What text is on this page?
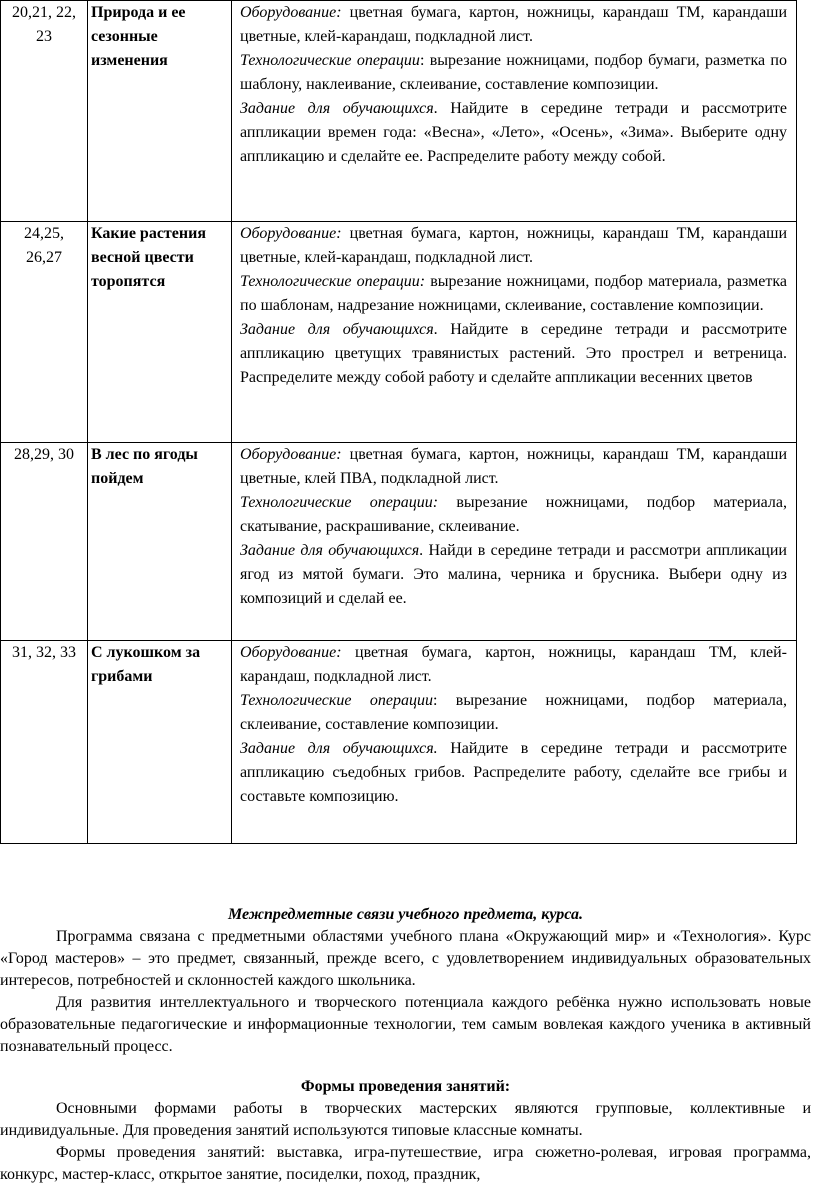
20,21, 22, 23	Природа и ее сезонные изменения	Оборудование: цветная бумага, картон, ножницы, карандаш ТМ, карандаши цветные, клей-карандаш, подкладной лист.

Технологические операции: вырезание ножницами, подбор бумаги, разметка по шаблону, наклеивание, склеивание, составление композиции.

Задание для обучающихся. Найдите в середине тетради и рассмотрите аппликации времен года: «Весна», «Лето», «Осень», «Зима». Выберите одну аппликацию и сделайте ее. Распределите работу между собой.

24,25, 26,27	Какие растения весной цвести торопятся	Оборудование: цветная бумага, картон, ножницы, карандаш ТМ, карандаши цветные, клей-карандаш, подкладной лист.

Технологические операции: вырезание ножницами, подбор материала, разметка по шаблонам, надрезание ножницами, склеивание, составление композиции.

Задание для обучающихся. Найдите в середине тетради и рассмотрите аппликацию цветущих травянистых растений. Это прострел и ветреница. Распределите между собой работу и сделайте аппликации весенних цветов

28,29, 30	В лес по ягоды пойдем	Оборудование: цветная бумага, картон, ножницы, карандаш ТМ, карандаши цветные, клей ПВА, подкладной лист.

Технологические операции: вырезание ножницами, подбор материала, скатывание, раскрашивание, склеивание.

Задание для обучающихся. Найди в середине тетради и рассмотри аппликации ягод из мятой бумаги. Это малина, черника и брусника. Выбери одну из композиций и сделай ее.

31, 32, 33	С лукошком за грибами	Оборудование: цветная бумага, картон, ножницы, карандаш ТМ, клей-карандаш, подкладной лист.

Технологические операции: вырезание ножницами, подбор материала, склеивание, составление композиции.

Задание для обучающихся. Найдите в середине тетради и рассмотрите аппликацию съедобных грибов. Распределите работу, сделайте все грибы и составьте композицию.

Межпредметные связи учебного предмета, курса.

Программа связана с предметными областями учебного плана «Окружающий мир» и «Технология». Курс «Город мастеров» – это предмет, связанный, прежде всего, с удовлетворением индивидуальных образовательных интересов, потребностей и склонностей каждого школьника.

Для развития интеллектуального и творческого потенциала каждого ребёнка нужно использовать новые образовательные педагогические и информационные технологии, тем самым вовлекая каждого ученика в активный познавательный процесс.

Формы проведения занятий:

Основными формами работы в творческих мастерских являются групповые, коллективные и индивидуальные. Для проведения занятий используются типовые классные комнаты.

Формы проведения занятий: выставка, игра-путешествие, игра сюжетно-ролевая, игровая программа, конкурс, мастер-класс, открытое занятие, посиделки, поход, праздник,
